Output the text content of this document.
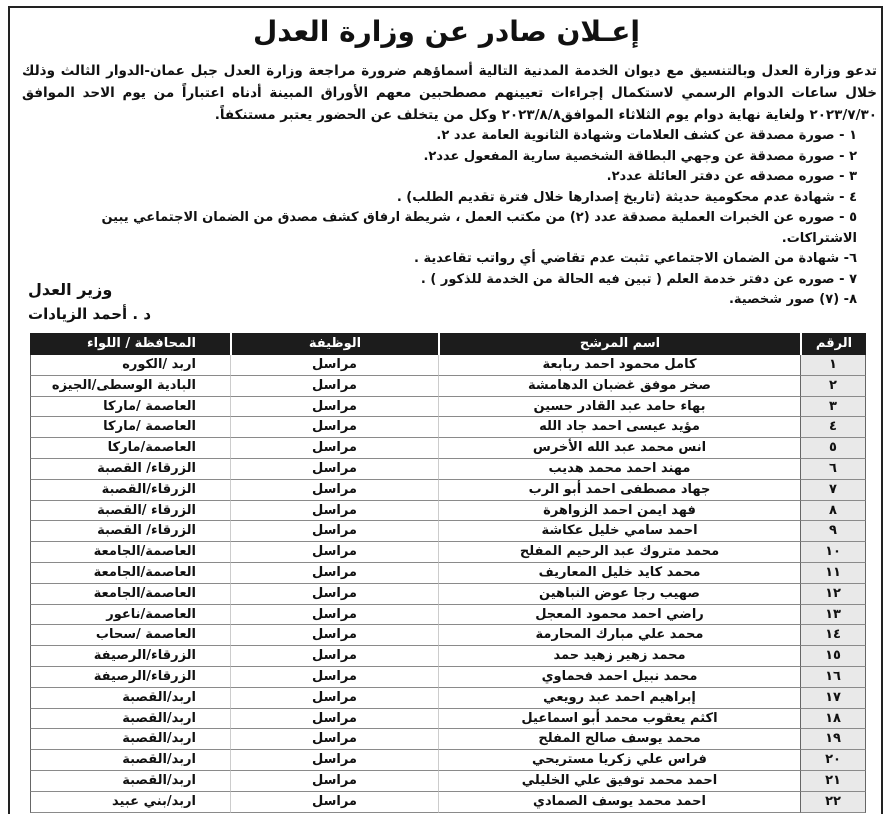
إعـلان صادر عن وزارة العدل

تدعو وزارة العدل وبالتنسيق مع ديوان الخدمة المدنية التالية أسماؤهم ضرورة مراجعة وزارة العدل جبل عمان-الدوار الثالث وذلك خلال ساعات الدوام الرسمي لاستكمال إجراءات تعيينهم مصطحبين معهم الأوراق المبينة أدناه اعتباراً من يوم الاحد الموافق ٢٠٢٣/٧/٣٠ ولغاية نهاية دوام يوم الثلاثاء الموافق٢٠٢٣/٨/٨ وكل من يتخلف عن الحضور يعتبر مستنكفاً.

١ - صورة مصدقة عن كشف العلامات وشهادة الثانوية العامة عدد ٢.
٢ - صورة مصدقة عن وجهي البطاقة الشخصية سارية المفعول عدد٢.
٣ - صوره مصدقه عن دفتر العائلة عدد٢.
٤ - شهادة عدم محكومية حديثة (تاريخ إصدارها خلال فترة تقديم الطلب) .
٥ - صوره عن الخبرات العملية مصدقة عدد (٢) من مكتب العمل ، شريطة ارفاق كشف مصدق من الضمان الاجتماعي يبين الاشتراكات.
٦- شهادة من الضمان الاجتماعي تثبت عدم تقاضي أي رواتب تقاعدية .
٧ - صوره عن دفتر خدمة العلم ( تبين فيه الحالة من الخدمة للذكور ) .
٨- (٧) صور شخصية.
وزير العدل
د . أحمد الزيادات
الرقم
اسم المرشح
الوظيفة
المحافظة / اللواء
١
كامل محمود احمد ربابعة
مراسل
اربد /الكوره
٢
صخر موفق غضبان الدهامشة
مراسل
البادية الوسطى/الجيزه
٣
بهاء حامد عبد القادر حسين
مراسل
العاصمة /ماركا
٤
مؤيد عيسى احمد جاد الله
مراسل
العاصمة /ماركا
٥
انس محمد عبد الله الأخرس
مراسل
العاصمة/ماركا
٦
مهند احمد محمد هديب
مراسل
الزرقاء/ القصبة
٧
جهاد مصطفى احمد أبو الرب
مراسل
الزرقاء/القصبة
٨
فهد ايمن احمد الزواهرة
مراسل
الزرقاء /القصبة
٩
احمد سامي خليل عكاشة
مراسل
الزرقاء/ القصبة
١٠
محمد متروك عبد الرحيم المفلح
مراسل
العاصمة/الجامعة
١١
محمد كايد خليل المعاريف
مراسل
العاصمة/الجامعة
١٢
صهيب رجا عوض النباهين
مراسل
العاصمة/الجامعة
١٣
راضي احمد محمود المعجل
مراسل
العاصمة/ناعور
١٤
محمد علي مبارك المحارمة
مراسل
العاصمة /سحاب
١٥
محمد زهير زهيد حمد
مراسل
الزرقاء/الرصيفة
١٦
محمد نبيل احمد فحماوي
مراسل
الزرقاء/الرصيفة
١٧
إبراهيم احمد عبد رويعي
مراسل
اربد/القصبة
١٨
اكثم يعقوب محمد أبو اسماعيل
مراسل
اربد/القصبة
١٩
محمد يوسف صالح المفلح
مراسل
اربد/القصبة
٢٠
فراس علي زكريا مستريحي
مراسل
اربد/القصبة
٢١
احمد محمد توفيق علي الخليلي
مراسل
اربد/القصبة
٢٢
احمد محمد يوسف الصمادي
مراسل
اربد/بني عبيد
